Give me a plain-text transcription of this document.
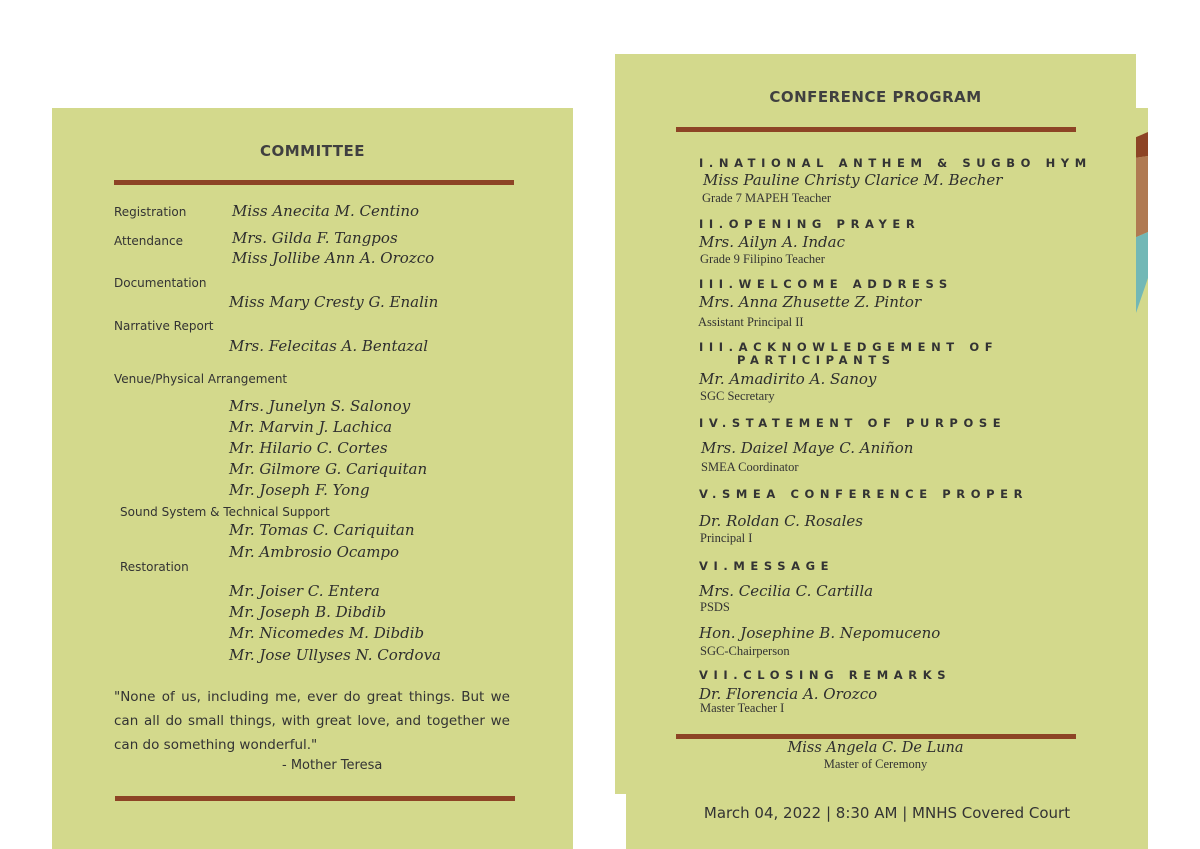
COMMITTEE
Registration	Miss Anecita M. Centino
Attendance	Mrs. Gilda F. Tangpos
Miss Jollibe Ann A. Orozco
Documentation
Miss Mary Cresty G. Enalin
Narrative Report
Mrs. Felecitas A. Bentazal
Venue/Physical Arrangement
Mrs. Junelyn S. Salonoy
Mr. Marvin J. Lachica
Mr. Hilario C. Cortes
Mr. Gilmore G. Cariquitan
Mr. Joseph F. Yong
Sound System & Technical Support
Mr. Tomas C. Cariquitan
Mr. Ambrosio Ocampo
Restoration
Mr. Joiser C. Entera
Mr. Joseph B. Dibdib
Mr. Nicomedes M. Dibdib
Mr. Jose Ullyses N. Cordova
"None of us, including me, ever do great things. But we can all do small things, with great love, and together we can do something wonderful."
- Mother Teresa
March 04, 2022 | 8:30 AM | MNHS Covered Court
CONFERENCE PROGRAM
I.NATIONAL ANTHEM & SUGBO HYM
Miss Pauline Christy Clarice M. Becher
Grade 7 MAPEH Teacher
II.OPENING PRAYER
Mrs. Ailyn A. Indac
Grade 9 Filipino Teacher
III.WELCOME ADDRESS
Mrs. Anna Zhusette Z. Pintor
Assistant Principal II
III.ACKNOWLEDGEMENT OF
PARTICIPANTS
Mr. Amadirito A. Sanoy
SGC Secretary
IV.STATEMENT OF PURPOSE
Mrs. Daizel Maye C. Aniñon
SMEA Coordinator
V.SMEA CONFERENCE PROPER
Dr. Roldan C. Rosales
Principal I
VI.MESSAGE
Mrs. Cecilia C. Cartilla
PSDS
Hon. Josephine B. Nepomuceno
SGC-Chairperson
VII.CLOSING REMARKS
Dr. Florencia A. Orozco
Master Teacher I
Miss Angela C. De Luna
Master of Ceremony
